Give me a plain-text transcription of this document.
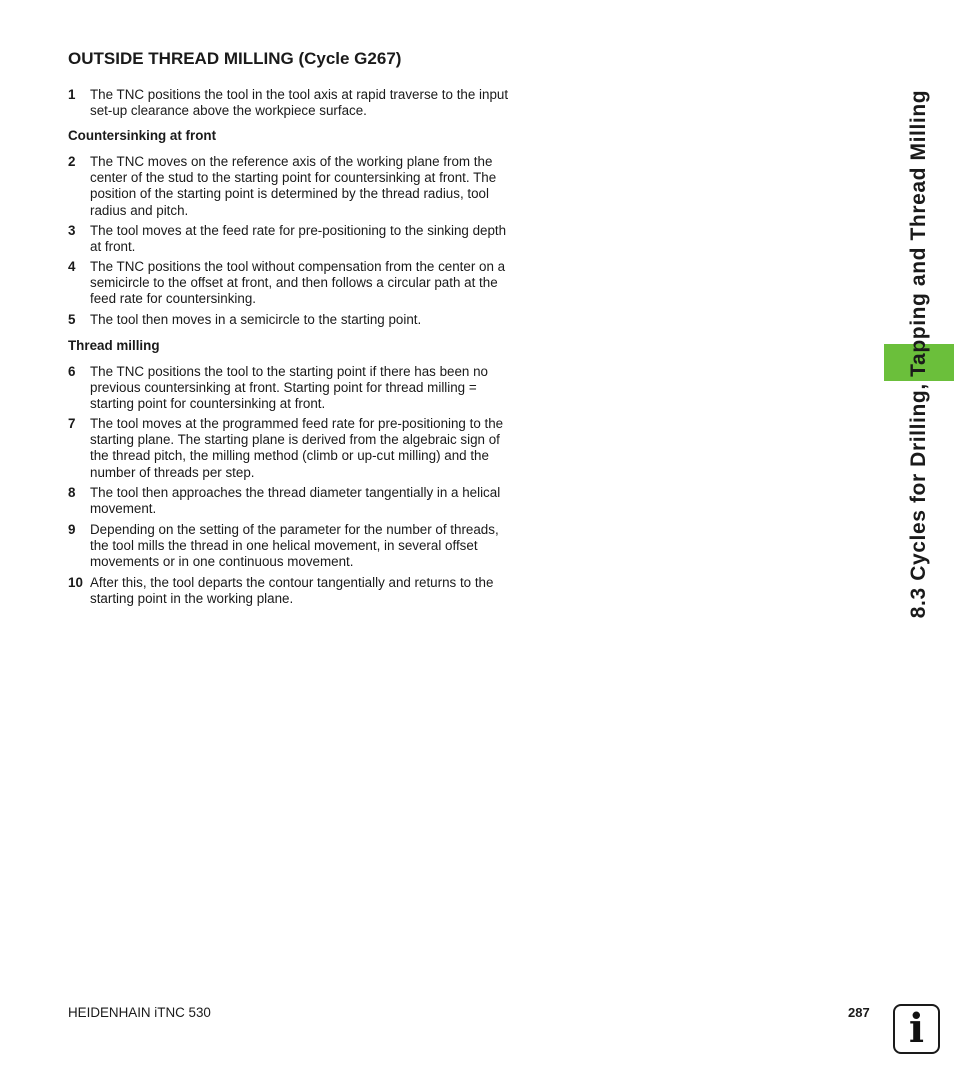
OUTSIDE THREAD MILLING (Cycle G267)
1 The TNC positions the tool in the tool axis at rapid traverse to the input set-up clearance above the workpiece surface.
Countersinking at front
2 The TNC moves on the reference axis of the working plane from the center of the stud to the starting point for countersinking at front. The position of the starting point is determined by the thread radius, tool radius and pitch.
3 The tool moves at the feed rate for pre-positioning to the sinking depth at front.
4 The TNC positions the tool without compensation from the center on a semicircle to the offset at front, and then follows a circular path at the feed rate for countersinking.
5 The tool then moves in a semicircle to the starting point.
Thread milling
6 The TNC positions the tool to the starting point if there has been no previous countersinking at front. Starting point for thread milling = starting point for countersinking at front.
7 The tool moves at the programmed feed rate for pre-positioning to the starting plane. The starting plane is derived from the algebraic sign of the thread pitch, the milling method (climb or up-cut milling) and the number of threads per step.
8 The tool then approaches the thread diameter tangentially in a helical movement.
9 Depending on the setting of the parameter for the number of threads, the tool mills the thread in one helical movement, in several offset movements or in one continuous movement.
10 After this, the tool departs the contour tangentially and returns to the starting point in the working plane.	8.3 Cycles for Drilling, Tapping and Thread Milling
HEIDENHAIN iTNC 530	287 i
